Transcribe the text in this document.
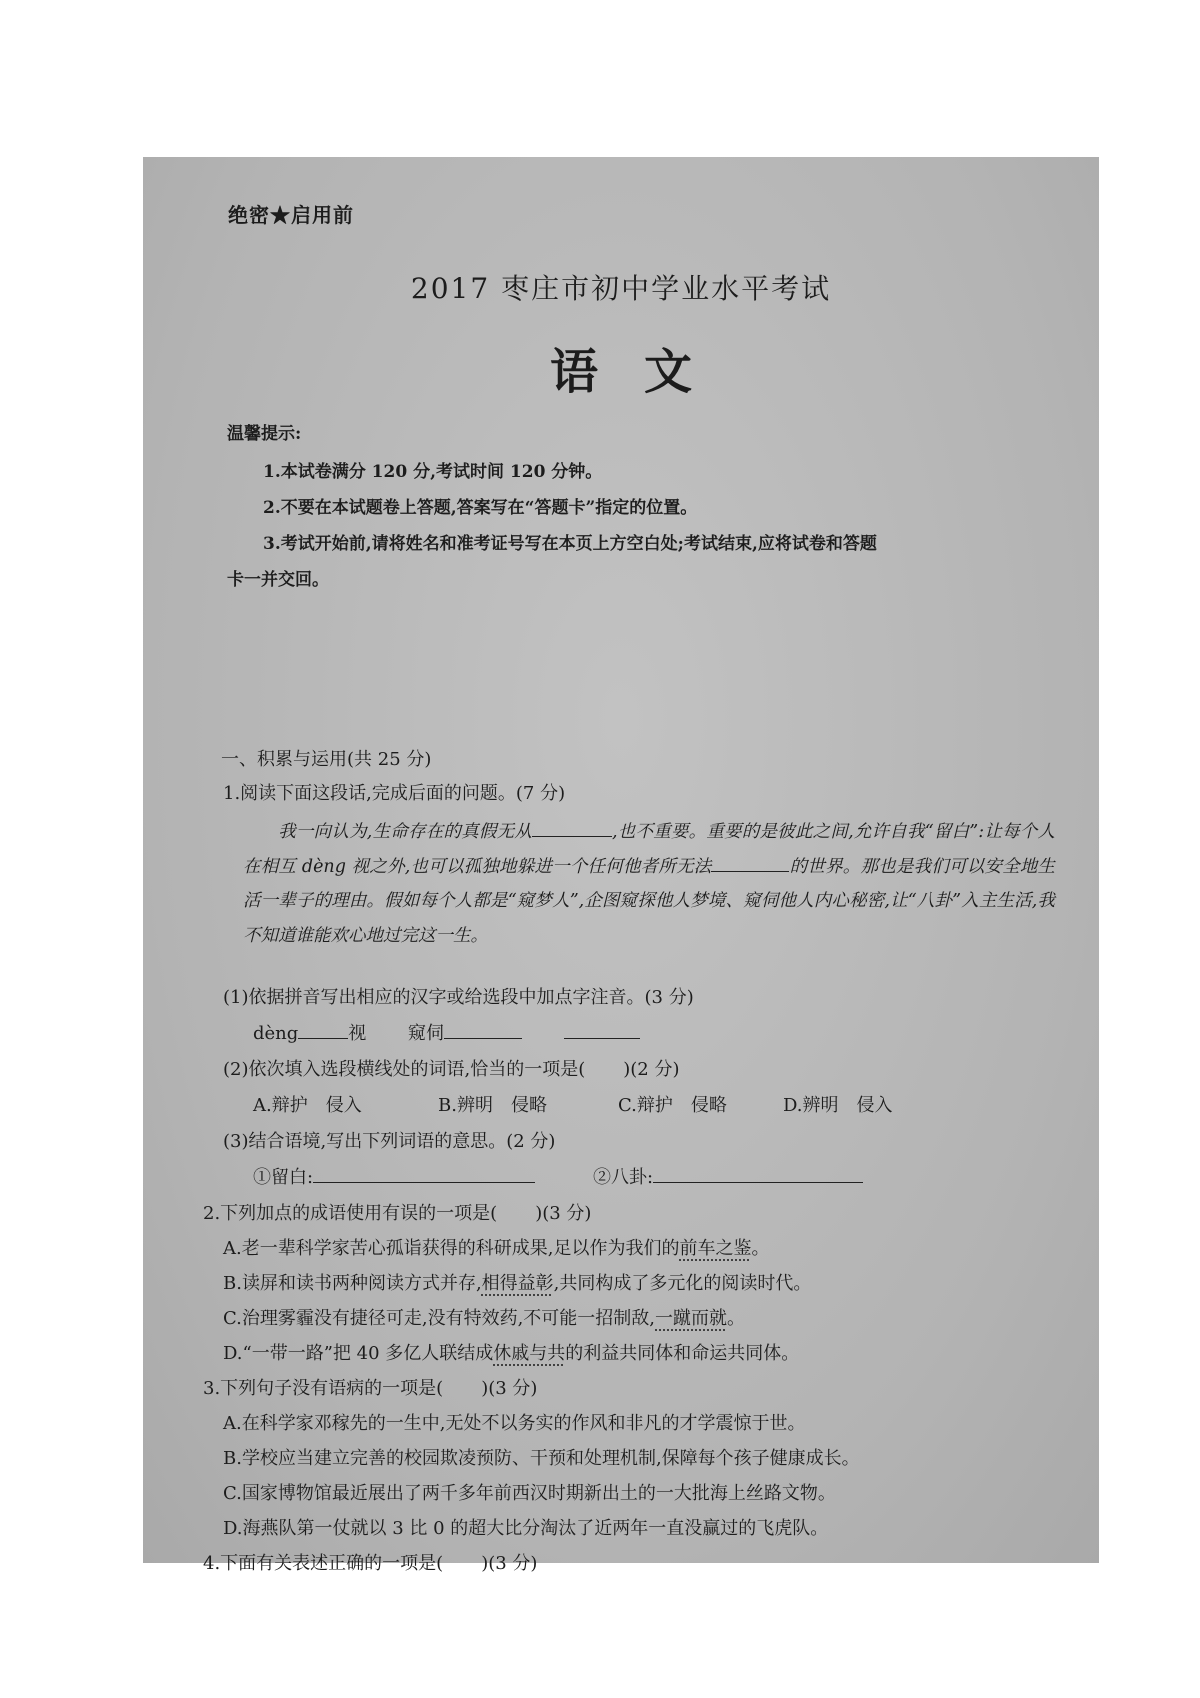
绝密★启用前
2017 枣庄市初中学业水平考试
语文
温馨提示:
1.本试卷满分 120 分,考试时间 120 分钟。
2.不要在本试题卷上答题,答案写在“答题卡”指定的位置。
3.考试开始前,请将姓名和准考证号写在本页上方空白处;考试结束,应将试卷和答题
卡一并交回。
一、积累与运用(共 25 分)
1.阅读下面这段话,完成后面的问题。(7 分)
我一向认为,生命存在的真假无从	,也不重要。重要的是彼此之间,允许自我“留白”:让每个人在相互 dèng 视之外,也可以孤独地躲进一个任何他者所无法	的世界。那也是我们可以安全地生活一辈子的理由。假如每个人都是“窥梦人”,企图窥探他人梦境、窥伺他人内心秘密,让“八卦”入主生活,我不知道谁能欢心地过完这一生。
(1)依据拼音写出相应的汉字或给选段中加点字注音。(3 分)
dèng	视 窥伺
(2)依次填入选段横线处的词语,恰当的一项是( )(2 分)
A.辩护　侵入	B.辨明　侵略	C.辩护　侵略	D.辨明　侵入
(3)结合语境,写出下列词语的意思。(2 分)
①留白:	②八卦:
2.下列加点的成语使用有误的一项是( )(3 分)
A.老一辈科学家苦心孤诣获得的科研成果,足以作为我们的前车之鉴。
B.读屏和读书两种阅读方式并存,相得益彰,共同构成了多元化的阅读时代。
C.治理雾霾没有捷径可走,没有特效药,不可能一招制敌,一蹴而就。
D.“一带一路”把 40 多亿人联结成休戚与共的利益共同体和命运共同体。
3.下列句子没有语病的一项是( )(3 分)
A.在科学家邓稼先的一生中,无处不以务实的作风和非凡的才学震惊于世。
B.学校应当建立完善的校园欺凌预防、干预和处理机制,保障每个孩子健康成长。
C.国家博物馆最近展出了两千多年前西汉时期新出土的一大批海上丝路文物。
D.海燕队第一仗就以 3 比 0 的超大比分淘汰了近两年一直没赢过的飞虎队。
4.下面有关表述正确的一项是( )(3 分)
